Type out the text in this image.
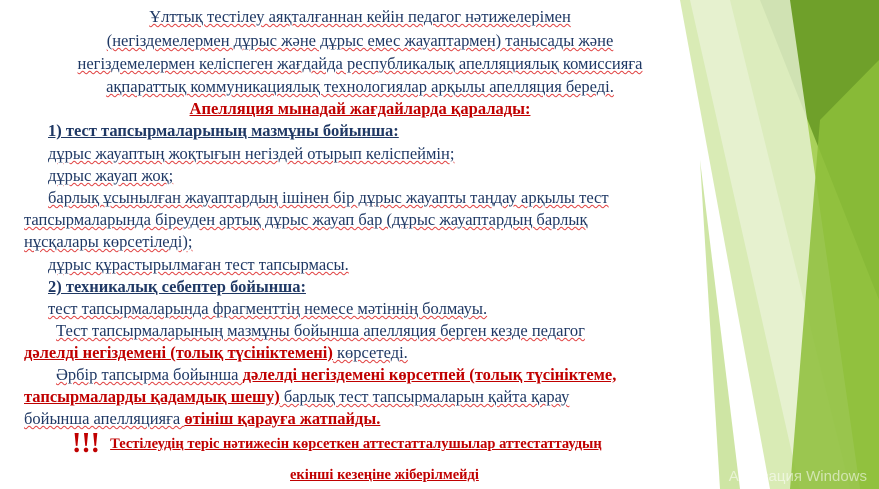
Ұлттық тестілеу аяқталғаннан кейін педагог нәтижелерімен
(негіздемелермен дұрыс және дұрыс емес жауаптармен) танысады және
негіздемелермен келіспеген жағдайда республикалық апелляциялық комиссияға
ақпараттық коммуникациялық технологиялар арқылы апелляция береді.
Апелляция мынадай жағдайларда қаралады:
1) тест тапсырмаларының мазмұны бойынша:
дұрыс жауаптың жоқтығын негіздей отырып келіспеймін;
дұрыс жауап жоқ;
барлық ұсынылған жауаптардың ішінен бір дұрыс жауапты таңдау арқылы тест
тапсырмаларында біреуден артық дұрыс жауап бар (дұрыс жауаптардың барлық
нұсқалары көрсетіледі);
дұрыс құрастырылмаған тест тапсырмасы.
2) техникалық себептер бойынша:
тест тапсырмаларында фрагменттің немесе мәтіннің болмауы.
Тест тапсырмаларының мазмұны бойынша апелляция берген кезде педагог
дәлелді негіздемені (толық түсініктемені) көрсетеді.
Әрбір тапсырма бойынша дәлелді негіздемені көрсетпей (толық түсініктеме,
тапсырмаларды қадамдық шешу) барлық тест тапсырмаларын қайта қарау
бойынша апелляцияға өтініш қарауға жатпайды.
!!! Тестілеудің теріс нәтижесін көрсеткен аттестатталушылар аттестаттаудың
екінші кезеңіне жіберілмейді	Активация Windows
